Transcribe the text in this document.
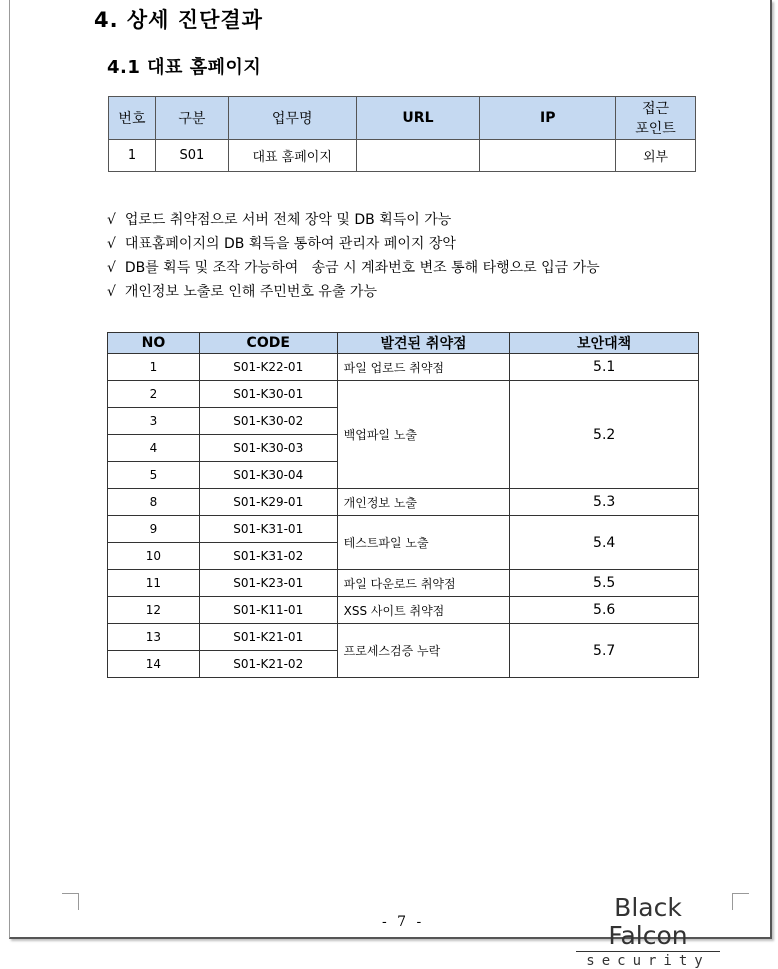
4. 상세 진단결과
4.1 대표 홈페이지
번호	구분	업무명	URL	IP	접근
포인트
1	S01	대표 홈페이지			외부
√  업로드 취약점으로 서버 전체 장악 및 DB 획득이 가능
√  대표홈페이지의 DB 획득을 통하여 관리자 페이지 장악
√  DB를 획득 및 조작 가능하여   송금 시 계좌번호 변조 통해 타행으로 입금 가능
√  개인정보 노출로 인해 주민번호 유출 가능
NO	CODE	발견된 취약점	보안대책
1	S01-K22-01	파일 업로드 취약점	5.1
2	S01-K30-01	백업파일 노출	5.2
3	S01-K30-02		
4	S01-K30-03		
5	S01-K30-04		
8	S01-K29-01	개인정보 노출	5.3
9	S01-K31-01	테스트파일 노출	5.4
10	S01-K31-02		
11	S01-K23-01	파일 다운로드 취약점	5.5
12	S01-K11-01	XSS 사이트 취약점	5.6
13	S01-K21-01	프로세스검증 누락	5.7
14	S01-K21-02		
- 7 -	Black Falcon
security
